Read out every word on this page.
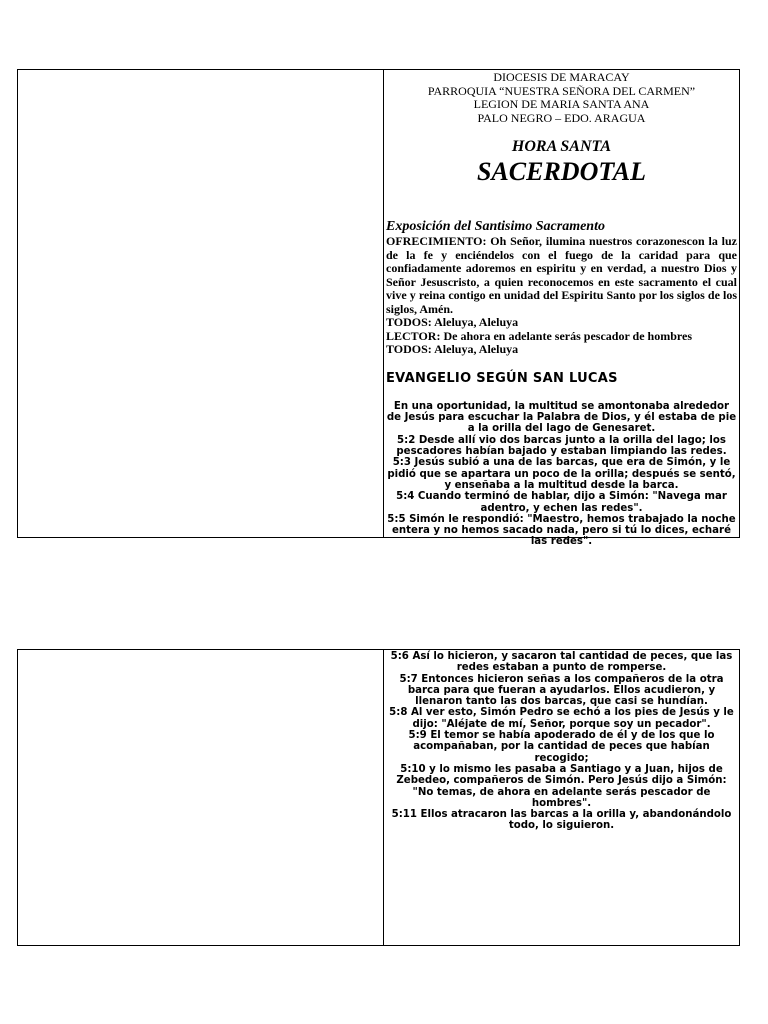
DIOCESIS DE MARACAY
PARROQUIA “NUESTRA SEÑORA DEL CARMEN”
LEGION DE MARIA SANTA ANA
PALO NEGRO – EDO. ARAGUA
HORA SANTA
SACERDOTAL
Exposición del Santisimo Sacramento
OFRECIMIENTO: Oh Señor, ilumina nuestros corazonescon la luz de la fe y enciéndelos con el fuego de la caridad para que confiadamente adoremos en espiritu y en verdad, a nuestro Dios y Señor Jesuscristo, a quien reconocemos en este sacramento el cual vive y reina contigo en unidad del Espiritu Santo por los siglos de los siglos, Amén.
TODOS: Aleluya, Aleluya
LECTOR: De ahora en adelante serás pescador de hombres
TODOS: Aleluya, Aleluya
EVANGELIO SEGÚN SAN LUCAS

En una oportunidad, la multitud se amontonaba alrededor de Jesús para escuchar la Palabra de Dios, y él estaba de pie a la orilla del lago de Genesaret.

5:2 Desde allí vio dos barcas junto a la orilla del lago; los pescadores habían bajado y estaban limpiando las redes.

5:3 Jesús subió a una de las barcas, que era de Simón, y le pidió que se apartara un poco de la orilla; después se sentó, y enseñaba a la multitud desde la barca.

5:4 Cuando terminó de hablar, dijo a Simón: "Navega mar adentro, y echen las redes".

5:5 Simón le respondió: "Maestro, hemos trabajado la noche entera y no hemos sacado nada, pero si tú lo dices, echaré las redes".

5:6 Así lo hicieron, y sacaron tal cantidad de peces, que las redes estaban a punto de romperse.

5:7 Entonces hicieron señas a los compañeros de la otra barca para que fueran a ayudarlos. Ellos acudieron, y llenaron tanto las dos barcas, que casi se hundían.

5:8 Al ver esto, Simón Pedro se echó a los pies de Jesús y le dijo: "Aléjate de mí, Señor, porque soy un pecador".

5:9 El temor se había apoderado de él y de los que lo acompañaban, por la cantidad de peces que habían recogido;

5:10 y lo mismo les pasaba a Santiago y a Juan, hijos de Zebedeo, compañeros de Simón. Pero Jesús dijo a Simón: "No temas, de ahora en adelante serás pescador de hombres".

5:11 Ellos atracaron las barcas a la orilla y, abandonándolo todo, lo siguieron.
